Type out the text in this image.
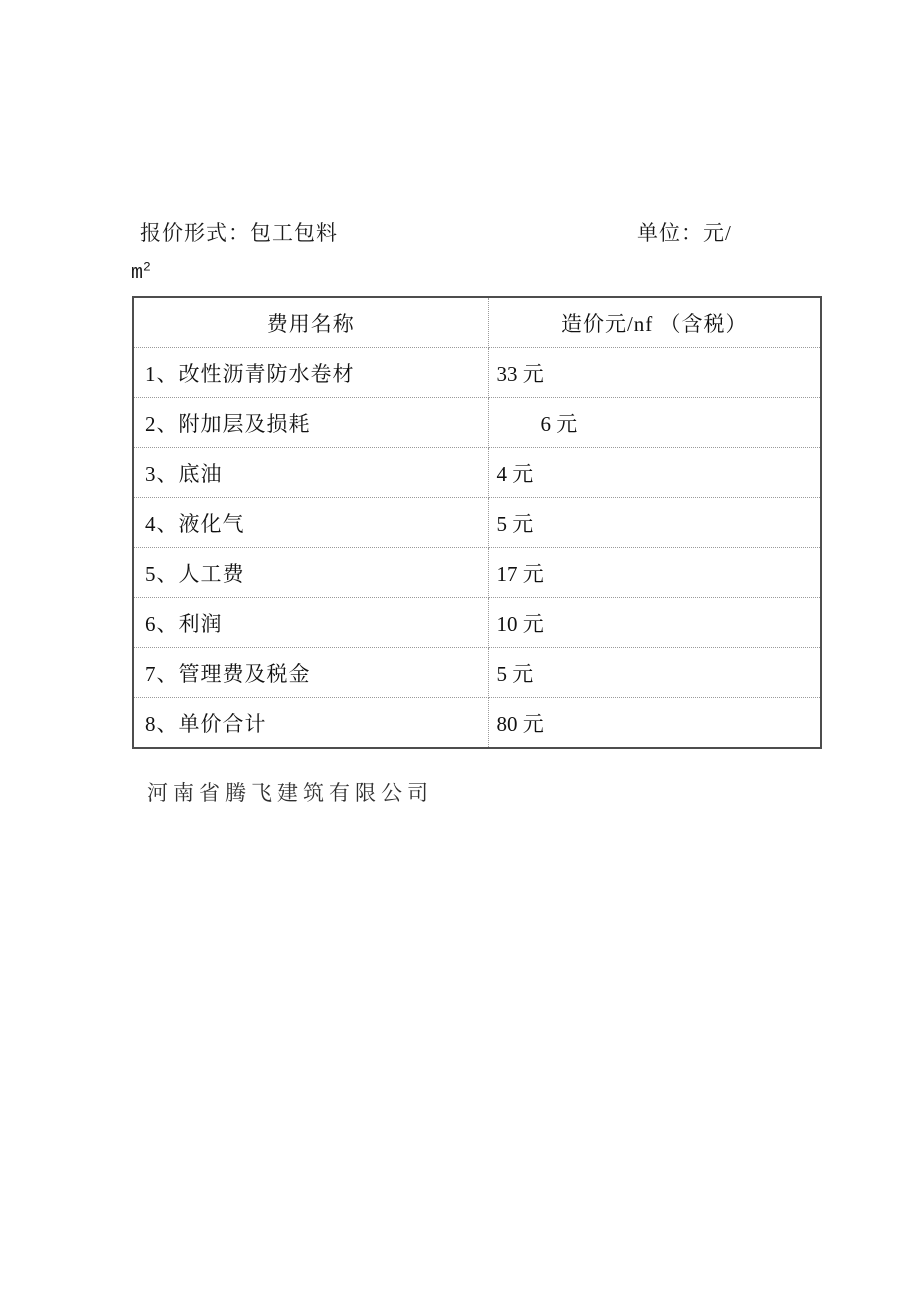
报价形式：包工包料	单位：元/
$m^2$
费用名称	造价元/nf （含税）
1、改性沥青防水卷材	33 元
2、附加层及损耗	6 元
3、底油	4 元
4、液化气	5 元
5、人工费	17 元
6、利润	10 元
7、管理费及税金	5 元
8、单价合计	80 元
河南省腾飞建筑有限公司
